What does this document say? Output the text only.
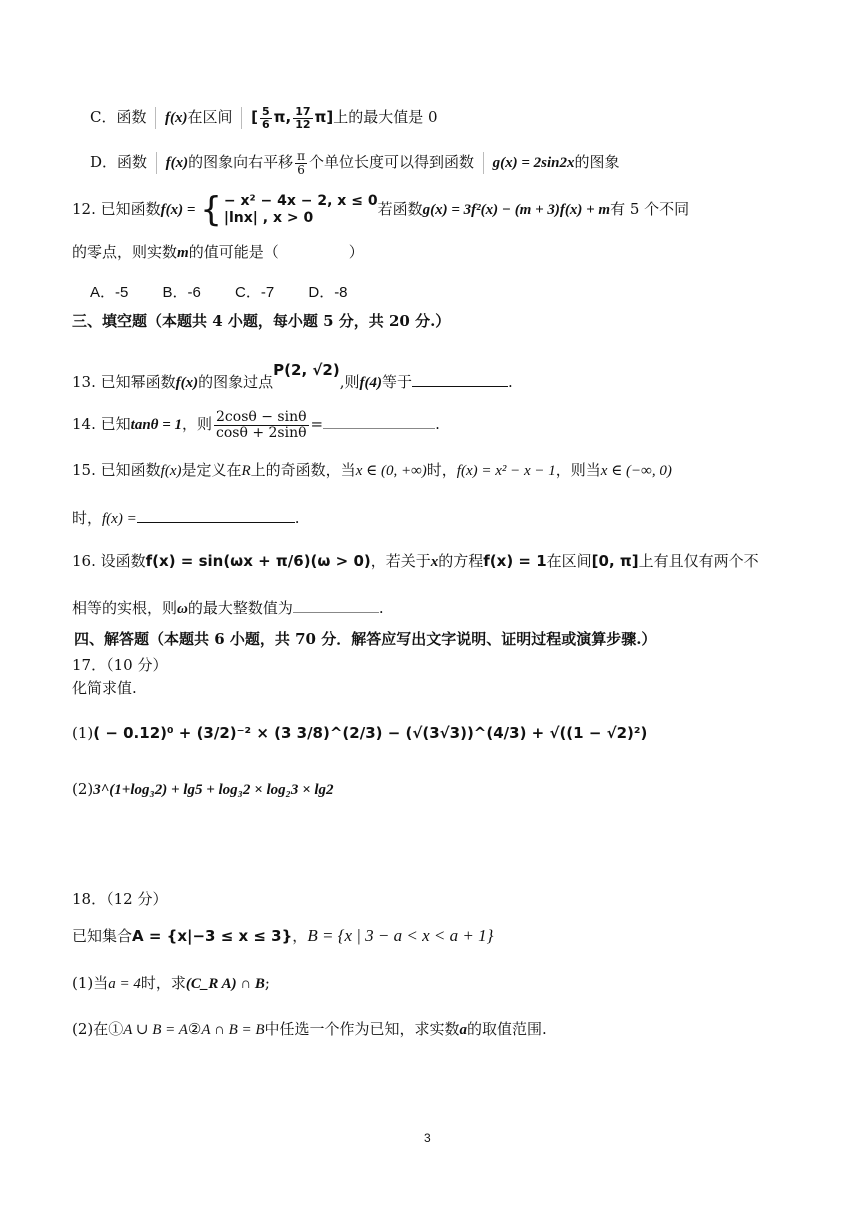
C．函数 f(x)在区间 [ $\frac{5}{6} \pi$, $\frac{17}{12} \pi$]上的最大值是 0
D．函数 f(x)的图象向右平移 $\frac{\pi}{6}$ 个单位长度可以得到函数 g(x) = 2sin2x的图象
12. 已知函数f(x) = { − x² − 4x − 2, x ≤ 0
|lnx| , x > 0	若函数g(x) = 3f²(x) − (m + 3)f(x) + m有 5 个不同
的零点，则实数m的值可能是（	）
A．-5　　 B．-6　　 C．-7　　 D．-8
三、填空题（本题共 4 小题，每小题 5 分，共 20 分.）
13. 已知幂函数f(x)的图象过点P(2, √2),则f(4)等于	.
14. 已知tanθ = 1，则 $\frac{2\cos\theta - \sin\theta}{\cos\theta + 2\sin\theta}$ =	.
15. 已知函数f(x)是定义在R上的奇函数，当x ∈ (0, +∞)时，f(x) = x² − x − 1，则当x ∈ (−∞, 0)
时，f(x) =	.
16. 设函数f(x) = sin(ωx + π/6)(ω > 0)，若关于x的方程f(x) = 1在区间[0, π]上有且仅有两个不
相等的实根，则ω的最大整数值为	.
四、解答题（本题共 6 小题，共 70 分．解答应写出文字说明、证明过程或演算步骤.）
17．（10 分）
化简求值.
(1)( − 0.12)⁰ + (3/2)⁻² × (3 3/8)^(2/3) − (√(3√3))^(4/3) + √((1 − √2)²)
(2)3^(1+log₃2) + lg5 + log₃2 × log₂3 × lg2
18．（12 分）
已知集合A = {x|−3 ≤ x ≤ 3}，B = {x | 3 − a < x < a + 1}
(1)当a = 4时，求(C_R A) ∩ B;
(2)在①A ∪ B = A②A ∩ B = B中任选一个作为已知，求实数a的取值范围.
3
